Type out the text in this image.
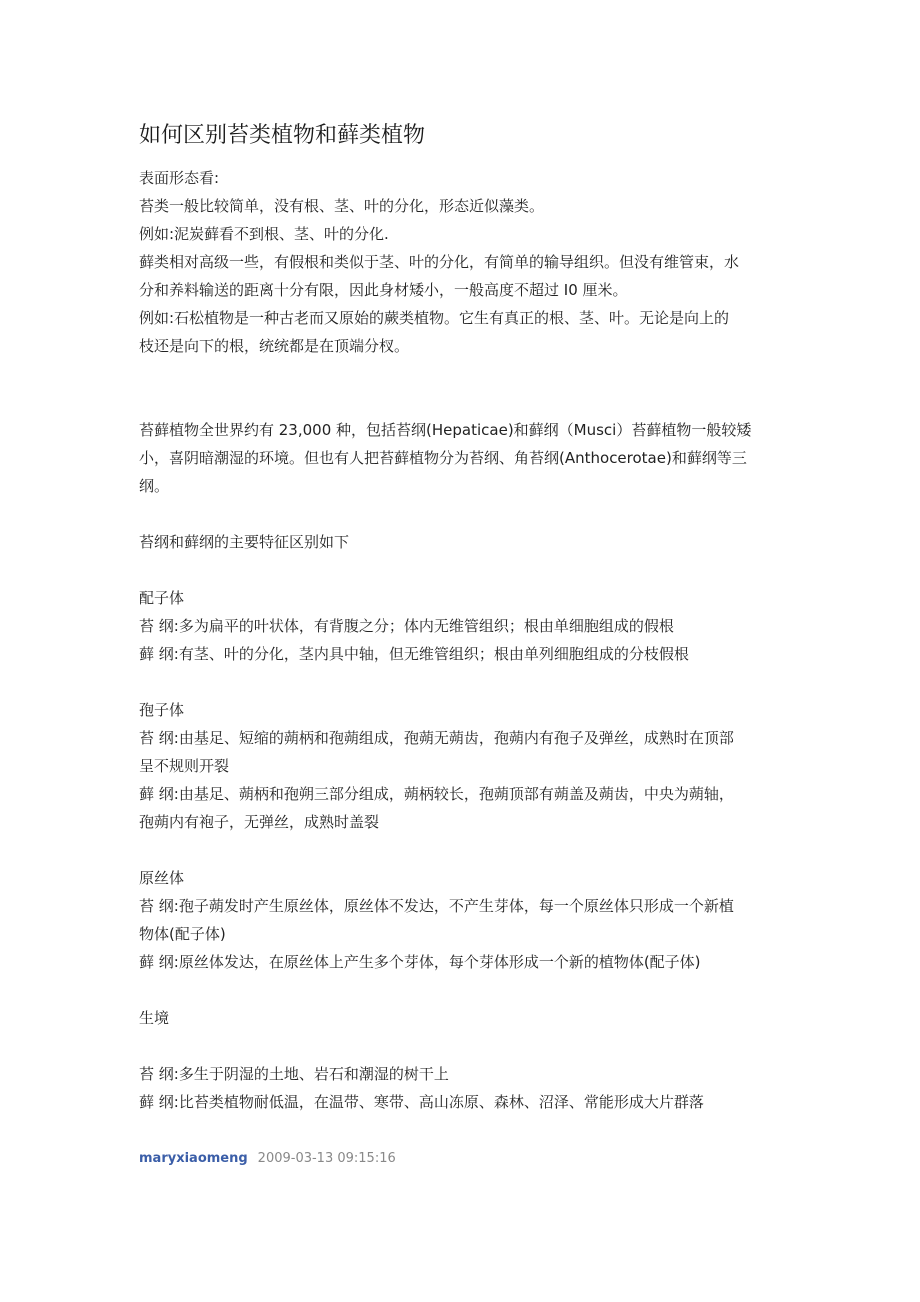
如何区别苔类植物和藓类植物

表面形态看:

苔类一般比较简单，没有根、茎、叶的分化，形态近似藻类。

例如:泥炭藓看不到根、茎、叶的分化.

藓类相对高级一些，有假根和类似于茎、叶的分化，有简单的输导组织。但没有维管束，水

分和养料输送的距离十分有限，因此身材矮小，一般高度不超过 I0 厘米。

例如:石松植物是一种古老而又原始的蕨类植物。它生有真正的根、茎、叶。无论是向上的

枝还是向下的根，统统都是在顶端分杈。

苔藓植物全世界约有 23,000 种，包括苔纲(Hepaticae)和藓纲（Musci）苔藓植物一般较矮

小，喜阴暗潮湿的环境。但也有人把苔藓植物分为苔纲、角苔纲(Anthocerotae)和藓纲等三

纲。

苔纲和藓纲的主要特征区别如下

配子体

苔 纲:多为扁平的叶状体，有背腹之分；体内无维管组织；根由单细胞组成的假根

藓 纲:有茎、叶的分化，茎内具中轴，但无维管组织；根由单列细胞组成的分枝假根

孢子体

苔 纲:由基足、短缩的蒴柄和孢蒴组成，孢蒴无蒴齿，孢蒴内有孢子及弹丝，成熟时在顶部

呈不规则开裂

藓 纲:由基足、蒴柄和孢朔三部分组成，蒴柄较长，孢蒴顶部有蒴盖及蒴齿，中央为蒴轴，

孢蒴内有袍子，无弹丝，成熟时盖裂

原丝体

苔 纲:孢子蒴发时产生原丝体，原丝体不发达，不产生芽体，每一个原丝体只形成一个新植

物体(配子体)

藓 纲:原丝体发达，在原丝体上产生多个芽体，每个芽体形成一个新的植物体(配子体)

生境

苔 纲:多生于阴湿的土地、岩石和潮湿的树干上

藓 纲:比苔类植物耐低温，在温带、寒带、高山冻原、森林、沼泽、常能形成大片群落

maryxiaomeng 2009-03-13 09:15:16
